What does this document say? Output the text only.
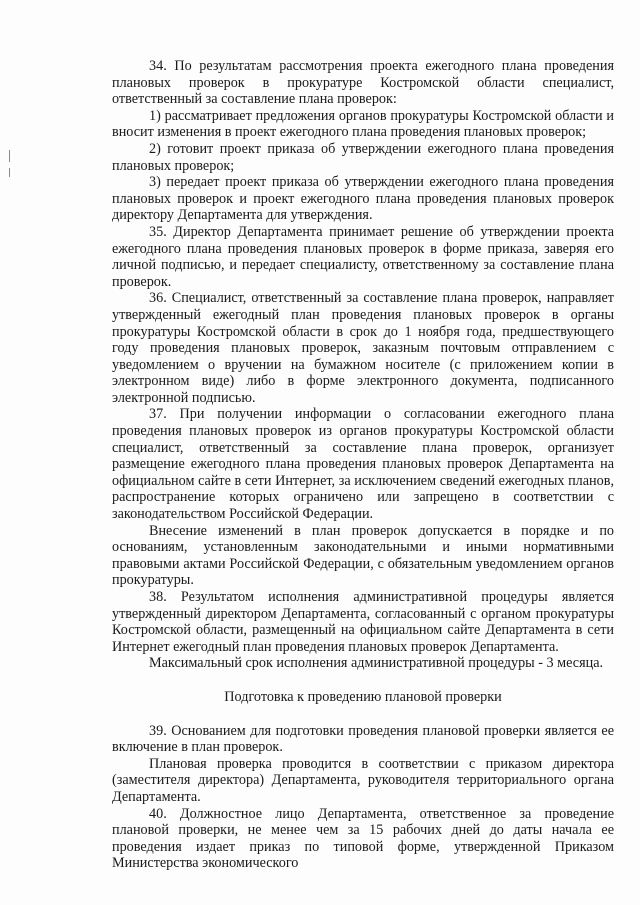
34. По результатам рассмотрения проекта ежегодного плана проведения плановых проверок в прокуратуре Костромской области специалист, ответственный за составление плана проверок:

1) рассматривает предложения органов прокуратуры Костромской области и вносит изменения в проект ежегодного плана проведения плановых проверок;

2) готовит проект приказа об утверждении ежегодного плана проведения плановых проверок;

3) передает проект приказа об утверждении ежегодного плана проведения плановых проверок и проект ежегодного плана проведения плановых проверок директору Департамента для утверждения.

35. Директор Департамента принимает решение об утверждении проекта ежегодного плана проведения плановых проверок в форме приказа, заверяя его личной подписью, и передает специалисту, ответственному за составление плана проверок.

36. Специалист, ответственный за составление плана проверок, направляет утвержденный ежегодный план проведения плановых проверок в органы прокуратуры Костромской области в срок до 1 ноября года, предшествующего году проведения плановых проверок, заказным почтовым отправлением с уведомлением о вручении на бумажном носителе (с приложением копии в электронном виде) либо в форме электронного документа, подписанного электронной подписью.

37. При получении информации о согласовании ежегодного плана проведения плановых проверок из органов прокуратуры Костромской области специалист, ответственный за составление плана проверок, организует размещение ежегодного плана проведения плановых проверок Департамента на официальном сайте в сети Интернет, за исключением сведений ежегодных планов, распространение которых ограничено или запрещено в соответствии с законодательством Российской Федерации.

Внесение изменений в план проверок допускается в порядке и по основаниям, установленным законодательными и иными нормативными правовыми актами Российской Федерации, с обязательным уведомлением органов прокуратуры.

38. Результатом исполнения административной процедуры является утвержденный директором Департамента, согласованный с органом прокуратуры Костромской области, размещенный на официальном сайте Департамента в сети Интернет ежегодный план проведения плановых проверок Департамента.

Максимальный срок исполнения административной процедуры - 3 месяца.

Подготовка к проведению плановой проверки

39. Основанием для подготовки проведения плановой проверки является ее включение в план проверок.

Плановая проверка проводится в соответствии с приказом директора (заместителя директора) Департамента, руководителя территориального органа Департамента.

40. Должностное лицо Департамента, ответственное за проведение плановой проверки, не менее чем за 15 рабочих дней до даты начала ее проведения издает приказ по типовой форме, утвержденной Приказом Министерства экономического
